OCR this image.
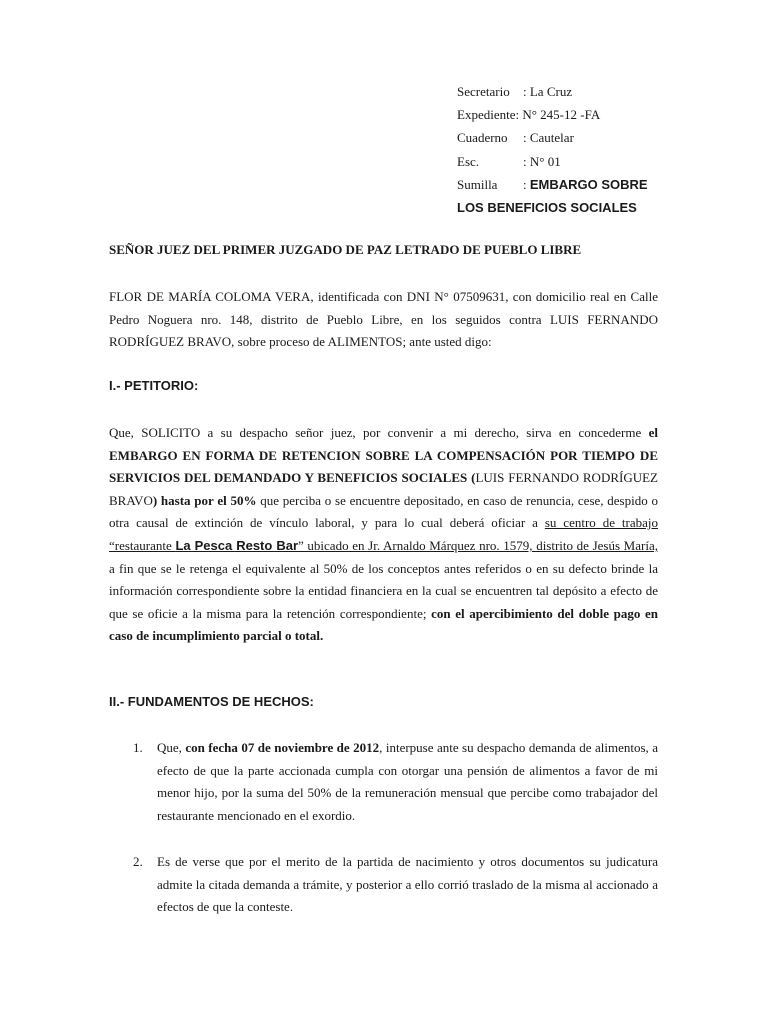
Secretario : La Cruz
Expediente: N° 245-12 -FA
Cuaderno : Cautelar
Esc.	: N° 01
Sumilla : EMBARGO SOBRE
LOS BENEFICIOS SOCIALES
SEÑOR JUEZ DEL PRIMER JUZGADO DE PAZ LETRADO DE PUEBLO LIBRE
FLOR DE MARÍA COLOMA VERA, identificada con DNI N° 07509631, con domicilio real en Calle Pedro Noguera nro. 148, distrito de Pueblo Libre, en los seguidos contra LUIS FERNANDO RODRÍGUEZ BRAVO, sobre proceso de ALIMENTOS; ante usted digo:
I.- PETITORIO:
Que, SOLICITO a su despacho señor juez, por convenir a mi derecho, sirva en concederme el EMBARGO EN FORMA DE RETENCION SOBRE LA COMPENSACIÓN POR TIEMPO DE SERVICIOS DEL DEMANDADO Y BENEFICIOS SOCIALES (LUIS FERNANDO RODRÍGUEZ BRAVO) hasta por el 50% que perciba o se encuentre depositado, en caso de renuncia, cese, despido o otra causal de extinción de vínculo laboral, y para lo cual deberá oficiar a su centro de trabajo “restaurante La Pesca Resto Bar” ubicado en Jr. Arnaldo Márquez nro. 1579, distrito de Jesús María, a fin que se le retenga el equivalente al 50% de los conceptos antes referidos o en su defecto brinde la información correspondiente sobre la entidad financiera en la cual se encuentren tal depósito a efecto de que se oficie a la misma para la retención correspondiente; con el apercibimiento del doble pago en caso de incumplimiento parcial o total.
II.- FUNDAMENTOS DE HECHOS:
1. Que, con fecha 07 de noviembre de 2012, interpuse ante su despacho demanda de alimentos, a efecto de que la parte accionada cumpla con otorgar una pensión de alimentos a favor de mi menor hijo, por la suma del 50% de la remuneración mensual que percibe como trabajador del restaurante mencionado en el exordio.
2. Es de verse que por el merito de la partida de nacimiento y otros documentos su judicatura admite la citada demanda a trámite, y posterior a ello corrió traslado de la misma al accionado a efectos de que la conteste.
